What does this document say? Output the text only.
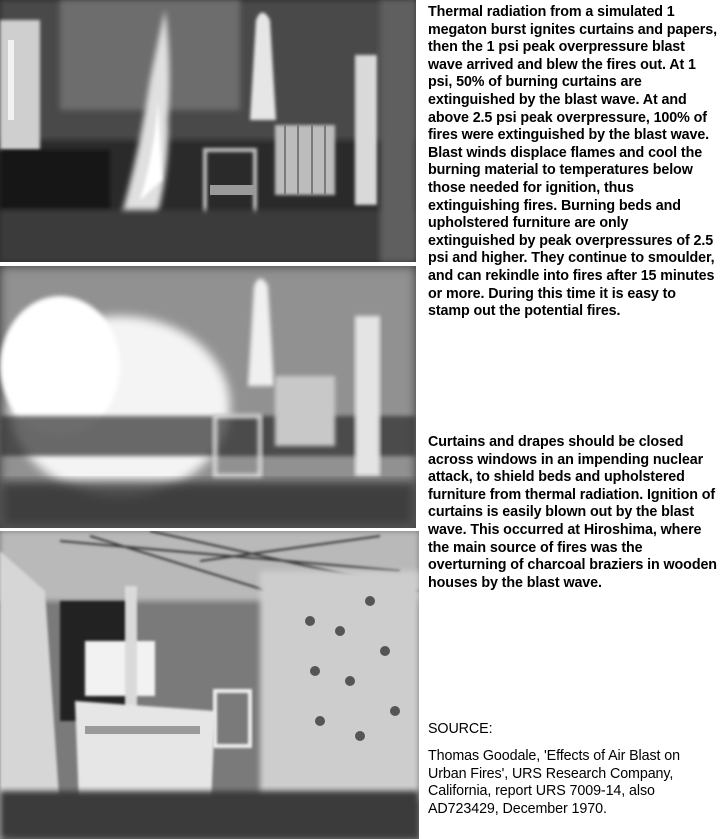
Thermal radiation from a simulated 1 megaton burst ignites curtains and papers, then the 1 psi peak overpressure blast wave arrived and blew the fires out. At 1 psi, 50% of burning curtains are extinguished by the blast wave. At and above 2.5 psi peak overpressure, 100% of fires were extinguished by the blast wave. Blast winds displace flames and cool the burning material to temperatures below those needed for ignition, thus extinguishing fires. Burning beds and upholstered furniture are only extinguished by peak overpressures of 2.5 psi and higher. They continue to smoulder, and can rekindle into fires after 15 minutes or more. During this time it is easy to stamp out the potential fires.

Curtains and drapes should be closed across windows in an impending nuclear attack, to shield beds and upholstered furniture from thermal radiation. Ignition of curtains is easily blown out by the blast wave. This occurred at Hiroshima, where the main source of fires was the overturning of charcoal braziers in wooden houses by the blast wave.

SOURCE:

Thomas Goodale, 'Effects of Air Blast on Urban Fires', URS Research Company, California, report URS 7009-14, also AD723429, December 1970.
